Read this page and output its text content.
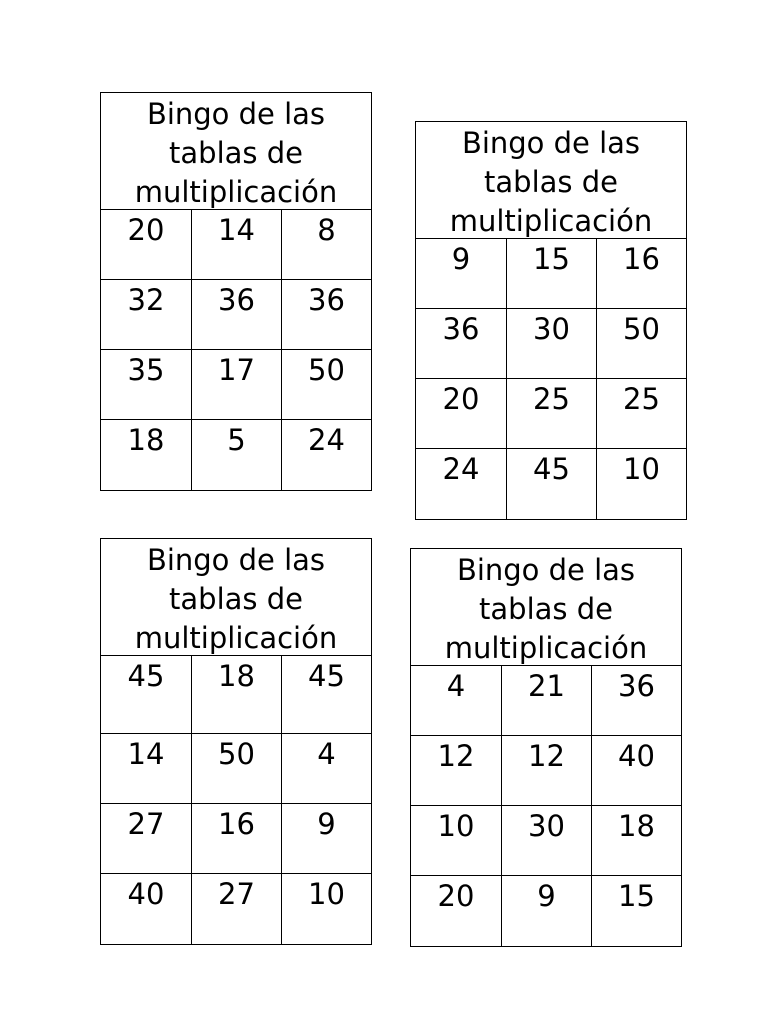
Bingo de las
tablas de
multiplicación
20	14	8
32	36	36
35	17	50
18	5	24
Bingo de las
tablas de
multiplicación
9	15	16
36	30	50
20	25	25
24	45	10
Bingo de las
tablas de
multiplicación
45	18	45
14	50	4
27	16	9
40	27	10
Bingo de las
tablas de
multiplicación
4	21	36
12	12	40
10	30	18
20	9	15
